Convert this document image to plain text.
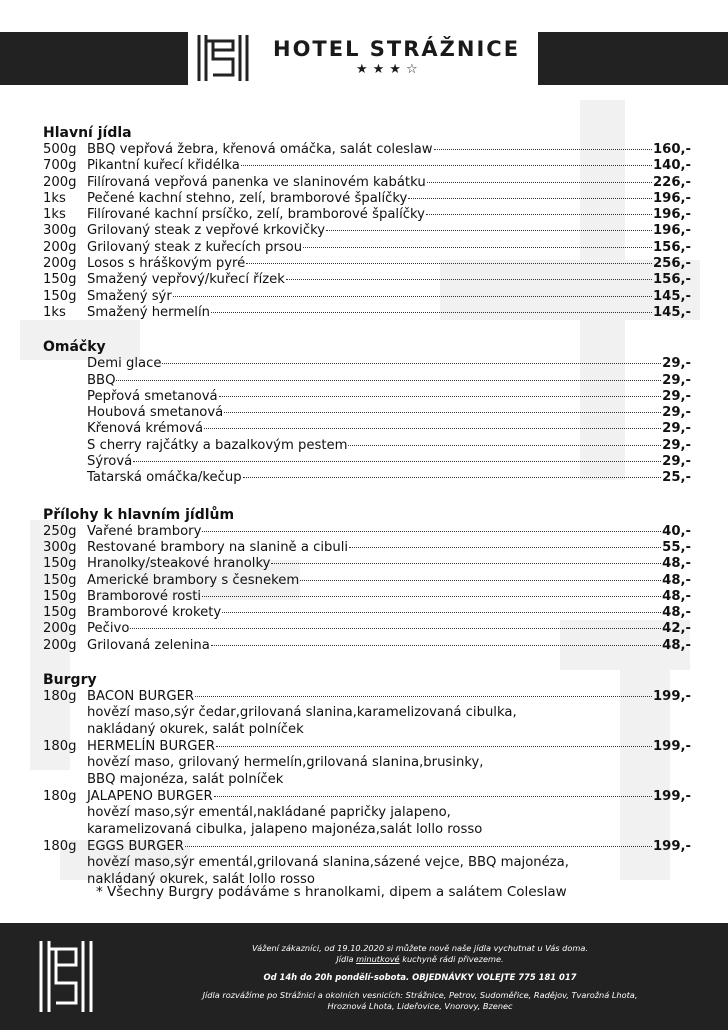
HOTEL STRÁŽNICE
★★★☆
Hlavní jídla
500g BBQ vepřová žebra, křenová omáčka, salát coleslaw	160,-
700g Pikantní kuřecí křidélka	140,-
200g Filírovaná vepřová panenka ve slaninovém kabátku	226,-
1ks	Pečené kachní stehno, zelí, bramborové špalíčky	196,-
1ks	Filírované kachní prsíčko, zelí, bramborové špalíčky	196,-
300g Grilovaný steak z vepřové krkovičky	196,-
200g Grilovaný steak z kuřecích prsou	156,-
200g Losos s hráškovým pyré	256,-
150g Smažený vepřový/kuřecí řízek	156,-
150g Smažený sýr	145,-
1ks	Smažený hermelín	145,-
Omáčky
Demi glace	29,-
BBQ	29,-
Pepřová smetanová	29,-
Houbová smetanová	29,-
Křenová krémová	29,-
S cherry rajčátky a bazalkovým pestem	29,-
Sýrová	29,-
Tatarská omáčka/kečup	25,-
Přílohy k hlavním jídlům
250g Vařené brambory	40,-
300g Restované brambory na slanině a cibuli	55,-
150g Hranolky/steakové hranolky	48,-
150g Americké brambory s česnekem	48,-
150g Bramborové rosti	48,-
150g Bramborové krokety	48,-
200g Pečivo	42,-
200g Grilovaná zelenina	48,-
Burgry
180g BACON BURGER	199,-
hovězí maso,sýr čedar,grilovaná slanina,karamelizovaná cibulka,
nakládaný okurek, salát polníček
180g HERMELÍN BURGER	199,-
hovězí maso, grilovaný hermelín,grilovaná slanina,brusinky,
BBQ majonéza, salát polníček
180g JALAPENO BURGER	199,-
hovězí maso,sýr ementál,nakládané papričky jalapeno,
karamelizovaná cibulka, jalapeno majonéza,salát lollo rosso
180g EGGS BURGER	199,-
hovězí maso,sýr ementál,grilovaná slanina,sázené vejce, BBQ majonéza,
nakládaný okurek, salát lollo rosso
* Všechny Burgry podáváme s hranolkami, dipem a salátem Coleslaw
Vážení zákazníci, od 19.10.2020 si můžete nově naše jídla vychutnat u Vás doma.
Jídla minutkové kuchyně rádi přivezeme.
Od 14h do 20h pondělí-sobota. OBJEDNÁVKY VOLEJTE 775 181 017
Jídla rozvážíme po Strážnici a okolních vesnicích: Strážnice, Petrov, Sudoměřice, Radějov, Tvarožná Lhota,
Hroznová Lhota, Lideřovice, Vnorovy, Bzenec
